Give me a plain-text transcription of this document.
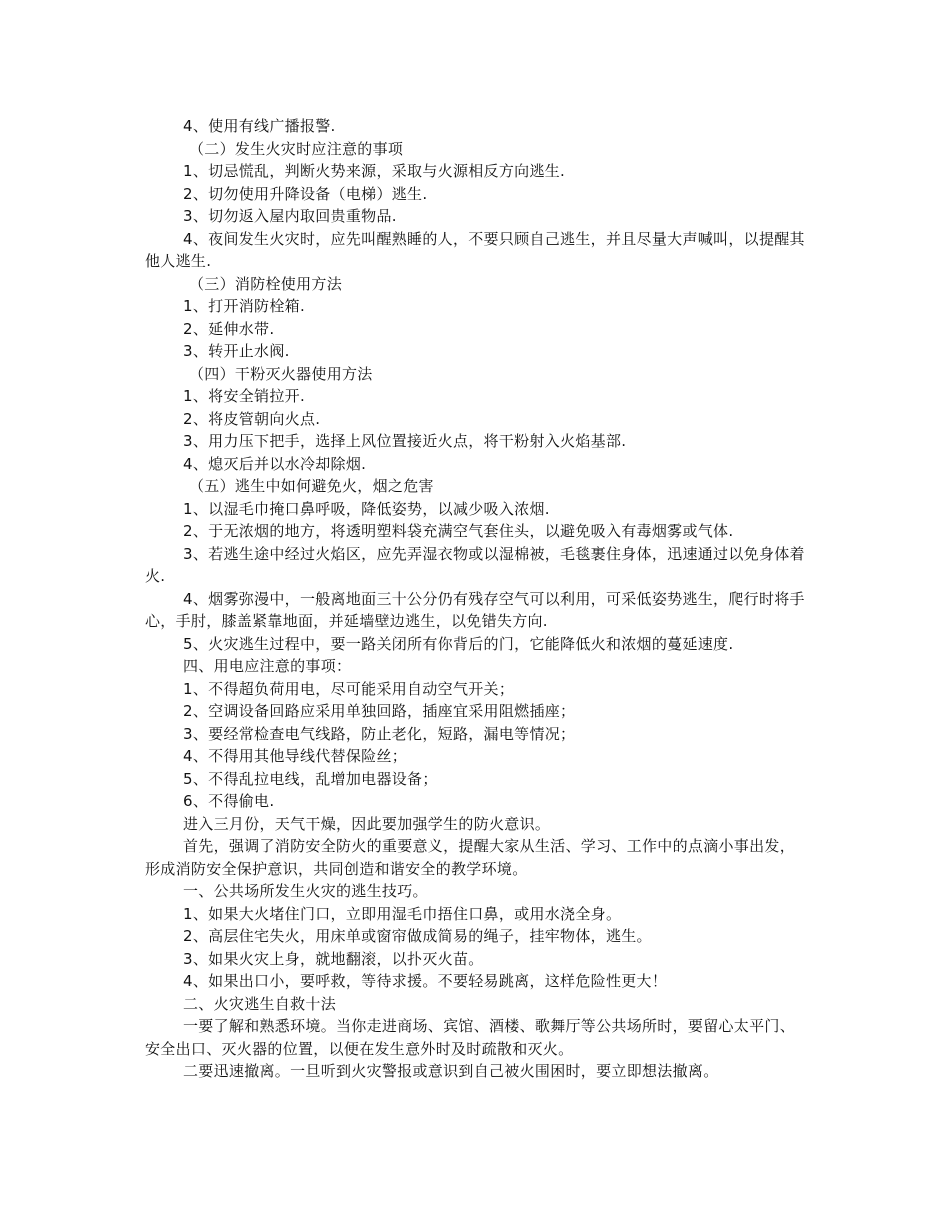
4、使用有线广播报警.

（二）发生火灾时应注意的事项

1、切忌慌乱，判断火势来源，采取与火源相反方向逃生.

2、切勿使用升降设备（电梯）逃生.

3、切勿返入屋内取回贵重物品.

4、夜间发生火灾时，应先叫醒熟睡的人，不要只顾自己逃生，并且尽量大声喊叫，以提醒其他人逃生.

（三）消防栓使用方法

1、打开消防栓箱.

2、延伸水带.

3、转开止水阀.

（四）干粉灭火器使用方法

1、将安全销拉开.

2、将皮管朝向火点.

3、用力压下把手，选择上风位置接近火点，将干粉射入火焰基部.

4、熄灭后并以水冷却除烟.

（五）逃生中如何避免火，烟之危害

1、以湿毛巾掩口鼻呼吸，降低姿势，以减少吸入浓烟.

2、于无浓烟的地方，将透明塑料袋充满空气套住头，以避免吸入有毒烟雾或气体.

3、若逃生途中经过火焰区，应先弄湿衣物或以湿棉被，毛毯裹住身体，迅速通过以免身体着火.

4、烟雾弥漫中，一般离地面三十公分仍有残存空气可以利用，可采低姿势逃生，爬行时将手心，手肘，膝盖紧靠地面，并延墙壁边逃生，以免错失方向.

5、火灾逃生过程中，要一路关闭所有你背后的门，它能降低火和浓烟的蔓延速度.

四、用电应注意的事项：

1、不得超负荷用电，尽可能采用自动空气开关；

2、空调设备回路应采用单独回路，插座宜采用阻燃插座；

3、要经常检查电气线路，防止老化，短路，漏电等情况；

4、不得用其他导线代替保险丝；

5、不得乱拉电线，乱增加电器设备；

6、不得偷电.

进入三月份，天气干燥，因此要加强学生的防火意识。

首先，强调了消防安全防火的重要意义，提醒大家从生活、学习、工作中的点滴小事出发，形成消防安全保护意识，共同创造和谐安全的教学环境。

一、公共场所发生火灾的逃生技巧。

1、如果大火堵住门口，立即用湿毛巾捂住口鼻，或用水浇全身。

2、高层住宅失火，用床单或窗帘做成简易的绳子，挂牢物体，逃生。

3、如果火灾上身，就地翻滚，以扑灭火苗。

4、如果出口小，要呼救，等待求援。不要轻易跳离，这样危险性更大！

二、火灾逃生自救十法

一要了解和熟悉环境。当你走进商场、宾馆、酒楼、歌舞厅等公共场所时，要留心太平门、安全出口、灭火器的位置，以便在发生意外时及时疏散和灭火。

二要迅速撤离。一旦听到火灾警报或意识到自己被火围困时，要立即想法撤离。
